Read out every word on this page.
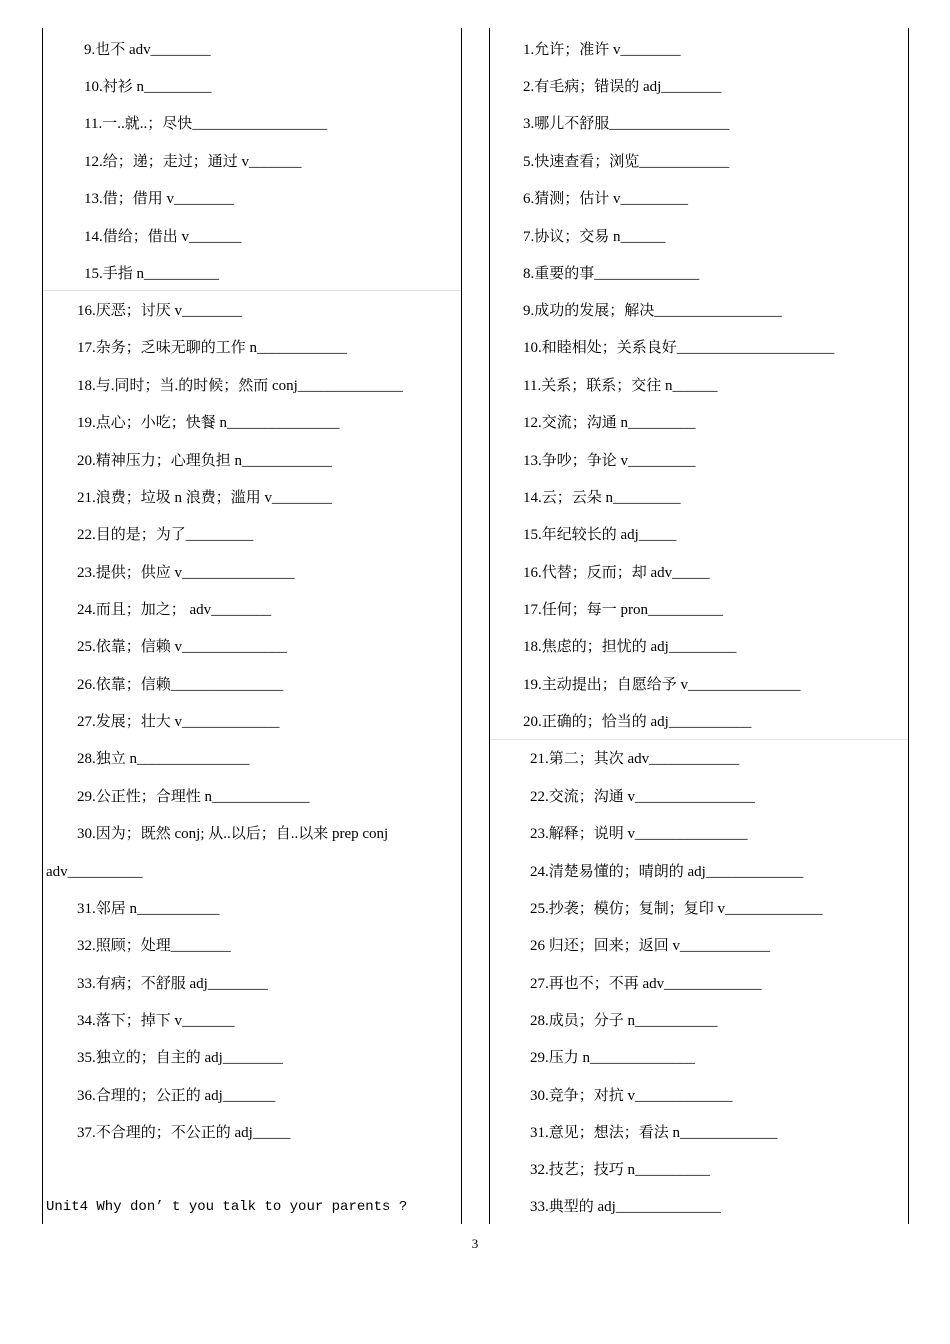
9.也不 adv________
10.衬衫 n_________
11.一..就..；尽快__________________
12.给；递；走过；通过 v_______
13.借；借用 v________
14.借给；借出 v_______
15.手指 n__________
16.厌恶；讨厌 v________
17.杂务；乏味无聊的工作 n____________
18.与.同时；当.的时候；然而 conj______________
19.点心；小吃；快餐 n_______________
20.精神压力；心理负担 n____________
21.浪费；垃圾 n 浪费；滥用 v________
22.目的是；为了_________
23.提供；供应 v_______________
24.而且；加之； adv________
25.依靠；信赖 v______________
26.依靠；信赖_______________
27.发展；壮大 v_____________
28.独立 n_______________
29.公正性；合理性 n_____________
30.因为；既然 conj; 从..以后；自..以来 prep conj
adv__________
31.邻居 n___________
32.照顾；处理________
33.有病；不舒服 adj________
34.落下；掉下 v_______
35.独立的；自主的 adj________
36.合理的；公正的 adj_______
37.不合理的；不公正的 adj_____
Unit4 Why don’ t you talk to your parents ?
1.允许；准许 v________
2.有毛病；错误的 adj________
3.哪儿不舒服________________
5.快速查看；浏览____________
6.猜测；估计 v_________
7.协议；交易 n______
8.重要的事______________
9.成功的发展；解决_________________
10.和睦相处；关系良好_____________________
11.关系；联系；交往 n______
12.交流；沟通 n_________
13.争吵；争论 v_________
14.云；云朵 n_________
15.年纪较长的 adj_____
16.代替；反而；却 adv_____
17.任何；每一 pron__________
18.焦虑的；担忧的 adj_________
19.主动提出；自愿给予 v_______________
20.正确的；恰当的 adj___________
21.第二；其次 adv____________
22.交流；沟通 v________________
23.解释；说明 v_______________
24.清楚易懂的；晴朗的 adj_____________
25.抄袭；模仿；复制；复印 v_____________
26 归还；回来；返回 v____________
27.再也不；不再 adv_____________
28.成员；分子 n___________
29.压力 n______________
30.竞争；对抗 v_____________
31.意见；想法；看法 n_____________
32.技艺；技巧 n__________
33.典型的 adj______________
3
